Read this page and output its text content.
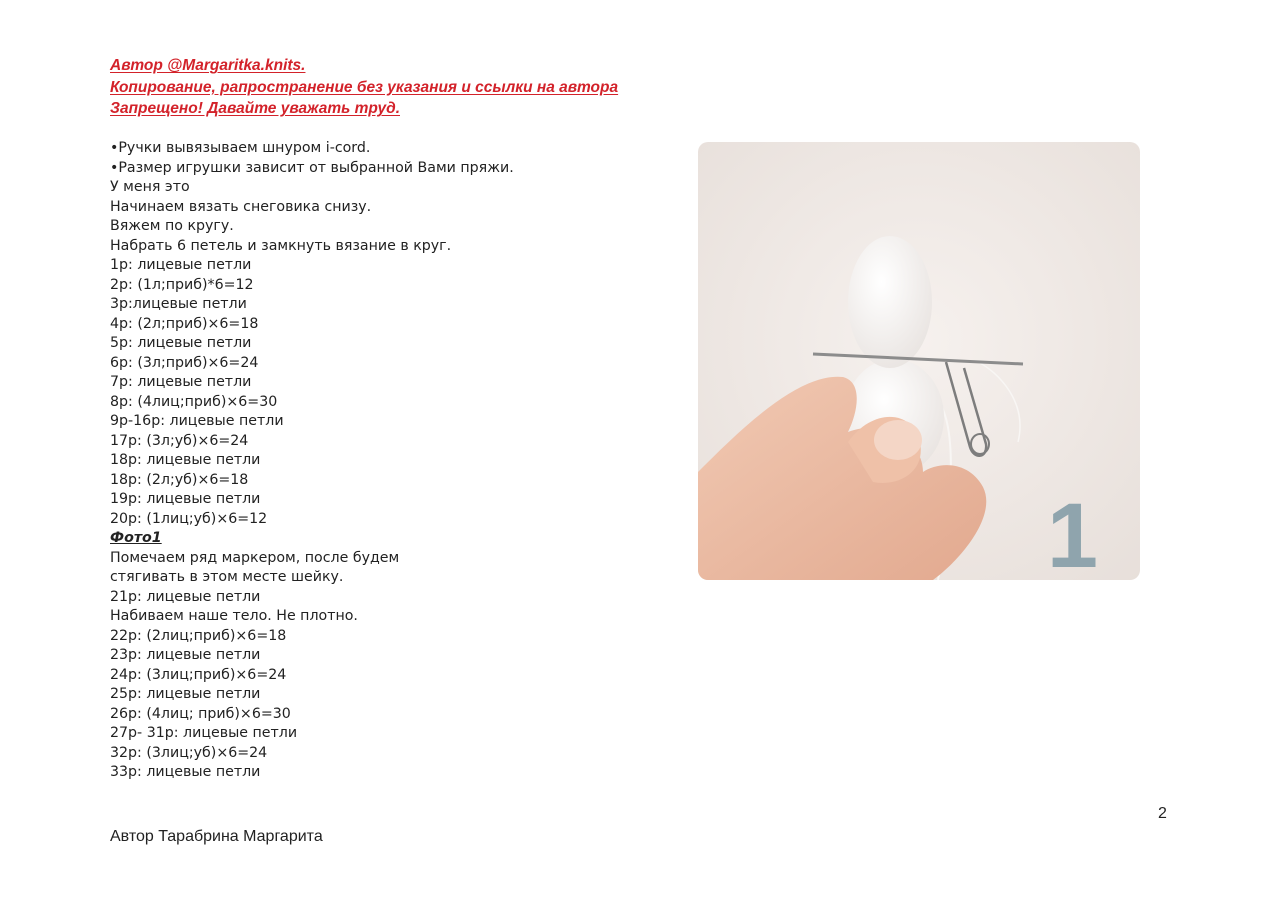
Автор @Margaritka.knits.
Копирование, рапространение без указания и ссылки на автора
Запрещено! Давайте уважать труд.
•Ручки вывязываем шнуром i-cord.
•Размер игрушки зависит от выбранной Вами пряжи.
У меня это
Начинаем вязать снеговика снизу.
Вяжем по кругу.
Набрать 6 петель и замкнуть вязание в круг.
1р: лицевые петли
2р: (1л;приб)*6=12
3р:лицевые петли
4р: (2л;приб)×6=18
5р: лицевые петли
6р: (3л;приб)×6=24
7р: лицевые петли
8р: (4лиц;приб)×6=30
9р-16р: лицевые петли
17р: (3л;уб)×6=24
18р: лицевые петли
18р: (2л;уб)×6=18
19р: лицевые петли
20р: (1лиц;уб)×6=12
Фото1
Помечаем ряд маркером, после будем
стягивать в этом месте шейку.
21р: лицевые петли
Набиваем наше тело. Не плотно.
22р: (2лиц;приб)×6=18
23р: лицевые петли
24р: (3лиц;приб)×6=24
25р: лицевые петли
26р: (4лиц; приб)×6=30
27р- 31р: лицевые петли
32р: (3лиц;уб)×6=24
33р: лицевые петли
1
2
Автор Тарабрина Маргарита
